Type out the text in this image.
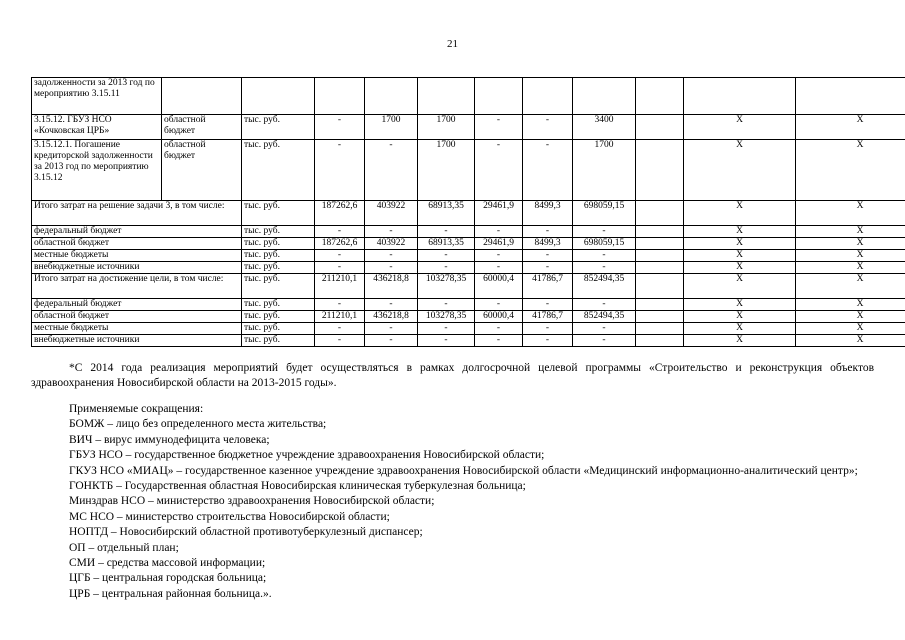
21
задолженности за 2013 год по мероприятию 3.15.11											
3.15.12. ГБУЗ НСО «Кочковская ЦРБ»	областной бюджет	тыс. руб.	-	1700	1700	-	-	3400		X	X
3.15.12.1. Погашение кредиторской задолженности за 2013 год по мероприятию 3.15.12	областной бюджет	тыс. руб.	-	-	1700	-	-	1700		X	X
Итого затрат на решение задачи 3, в том числе:		тыс. руб.	187262,6	403922	68913,35	29461,9	8499,3	698059,15		X	X
федеральный бюджет		тыс. руб.	-	-	-	-	-	-		X	X
областной бюджет		тыс. руб.	187262,6	403922	68913,35	29461,9	8499,3	698059,15		X	X
местные бюджеты		тыс. руб.	-	-	-	-	-	-		X	X
внебюджетные источники		тыс. руб.	-	-	-	-	-	-		X	X
Итого затрат на достижение цели, в том числе:		тыс. руб.	211210,1	436218,8	103278,35	60000,4	41786,7	852494,35		X	X
федеральный бюджет		тыс. руб.	-	-	-	-	-	-		X	X
областной бюджет		тыс. руб.	211210,1	436218,8	103278,35	60000,4	41786,7	852494,35		X	X
местные бюджеты		тыс. руб.	-	-	-	-	-	-		X	X
внебюджетные источники		тыс. руб.	-	-	-	-	-	-		X	X
*С 2014 года реализация мероприятий будет осуществляться в рамках долгосрочной целевой программы «Строительство и реконструкция объектов здравоохранения Новосибирской области на 2013-2015 годы».
Применяемые сокращения:
БОМЖ – лицо без определенного места жительства;
ВИЧ – вирус иммунодефицита человека;
ГБУЗ НСО – государственное бюджетное учреждение здравоохранения Новосибирской области;
ГКУЗ НСО «МИАЦ» – государственное казенное учреждение здравоохранения Новосибирской области «Медицинский информационно-аналитический центр»;
ГОНКТБ – Государственная областная Новосибирская клиническая туберкулезная больница;
Минздрав НСО – министерство здравоохранения Новосибирской области;
МС НСО – министерство строительства Новосибирской области;
НОПТД – Новосибирский областной противотуберкулезный диспансер;
ОП – отдельный план;
СМИ – средства массовой информации;
ЦГБ – центральная городская больница;
ЦРБ – центральная районная больница.».
